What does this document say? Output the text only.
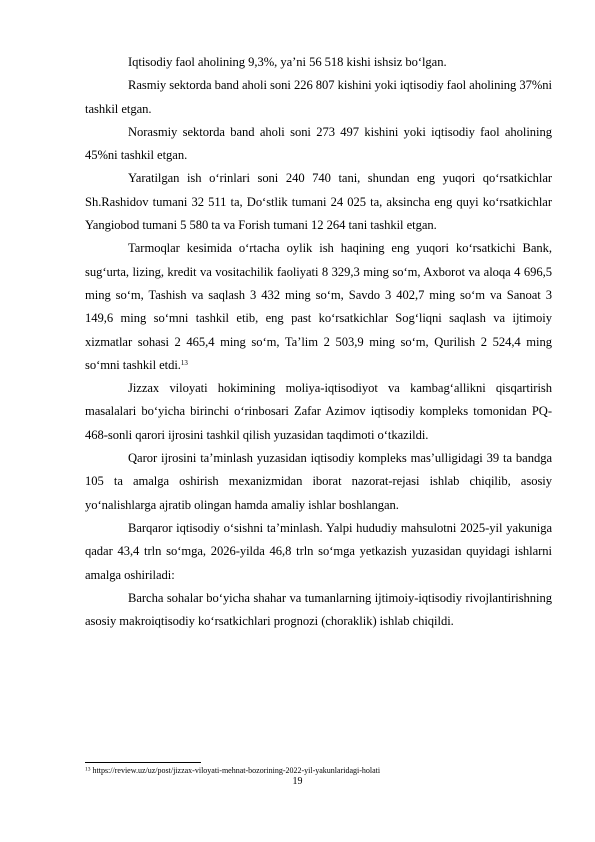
Iqtisodiy faol aholining 9,3%, ya’ni 56 518 kishi ishsiz bo‘lgan.

Rasmiy sektorda band aholi soni 226 807 kishini yoki iqtisodiy faol aholining 37%ni tashkil etgan.

Norasmiy sektorda band aholi soni 273 497 kishini yoki iqtisodiy faol aholining 45%ni tashkil etgan.

Yaratilgan ish o‘rinlari soni 240 740 tani, shundan eng yuqori qo‘rsatkichlar Sh.Rashidov tumani 32 511 ta, Do‘stlik tumani 24 025 ta, aksincha eng quyi ko‘rsatkichlar Yangiobod tumani 5 580 ta va Forish tumani 12 264 tani tashkil etgan.

Tarmoqlar kesimida o‘rtacha oylik ish haqining eng yuqori ko‘rsatkichi Bank, sug‘urta, lizing, kredit va vositachilik faoliyati 8 329,3 ming so‘m, Axborot va aloqa 4 696,5 ming so‘m, Tashish va saqlash 3 432 ming so‘m, Savdo 3 402,7 ming so‘m va Sanoat 3 149,6 ming so‘mni tashkil etib, eng past ko‘rsatkichlar Sog‘liqni saqlash va ijtimoiy xizmatlar sohasi 2 465,4 ming so‘m, Ta’lim 2 503,9 ming so‘m, Qurilish 2 524,4 ming so‘mni tashkil etdi.$^{13}$

Jizzax viloyati hokimining moliya-iqtisodiyot va kambag‘allikni qisqartirish masalalari bo‘yicha birinchi o‘rinbosari Zafar Azimov iqtisodiy kompleks tomonidan PQ-468-sonli qarori ijrosini tashkil qilish yuzasidan taqdimoti o‘tkazildi.

Qaror ijrosini ta’minlash yuzasidan iqtisodiy kompleks mas’ulligidagi 39 ta bandga 105 ta amalga oshirish mexanizmidan iborat nazorat-rejasi ishlab chiqilib, asosiy yo‘nalishlarga ajratib olingan hamda amaliy ishlar boshlangan.

Barqaror iqtisodiy o‘sishni ta’minlash. Yalpi hududiy mahsulotni 2025-yil yakuniga qadar 43,4 trln so‘mga, 2026-yilda 46,8 trln so‘mga yetkazish yuzasidan quyidagi ishlarni amalga oshiriladi:

Barcha sohalar bo‘yicha shahar va tumanlarning ijtimoiy-iqtisodiy rivojlantirishning asosiy makroiqtisodiy ko‘rsatkichlari prognozi (choraklik) ishlab chiqildi.

$^{13}$ https://review.uz/uz/post/jizzax-viloyati-mehnat-bozorining-2022-yil-yakunlaridagi-holati
19
